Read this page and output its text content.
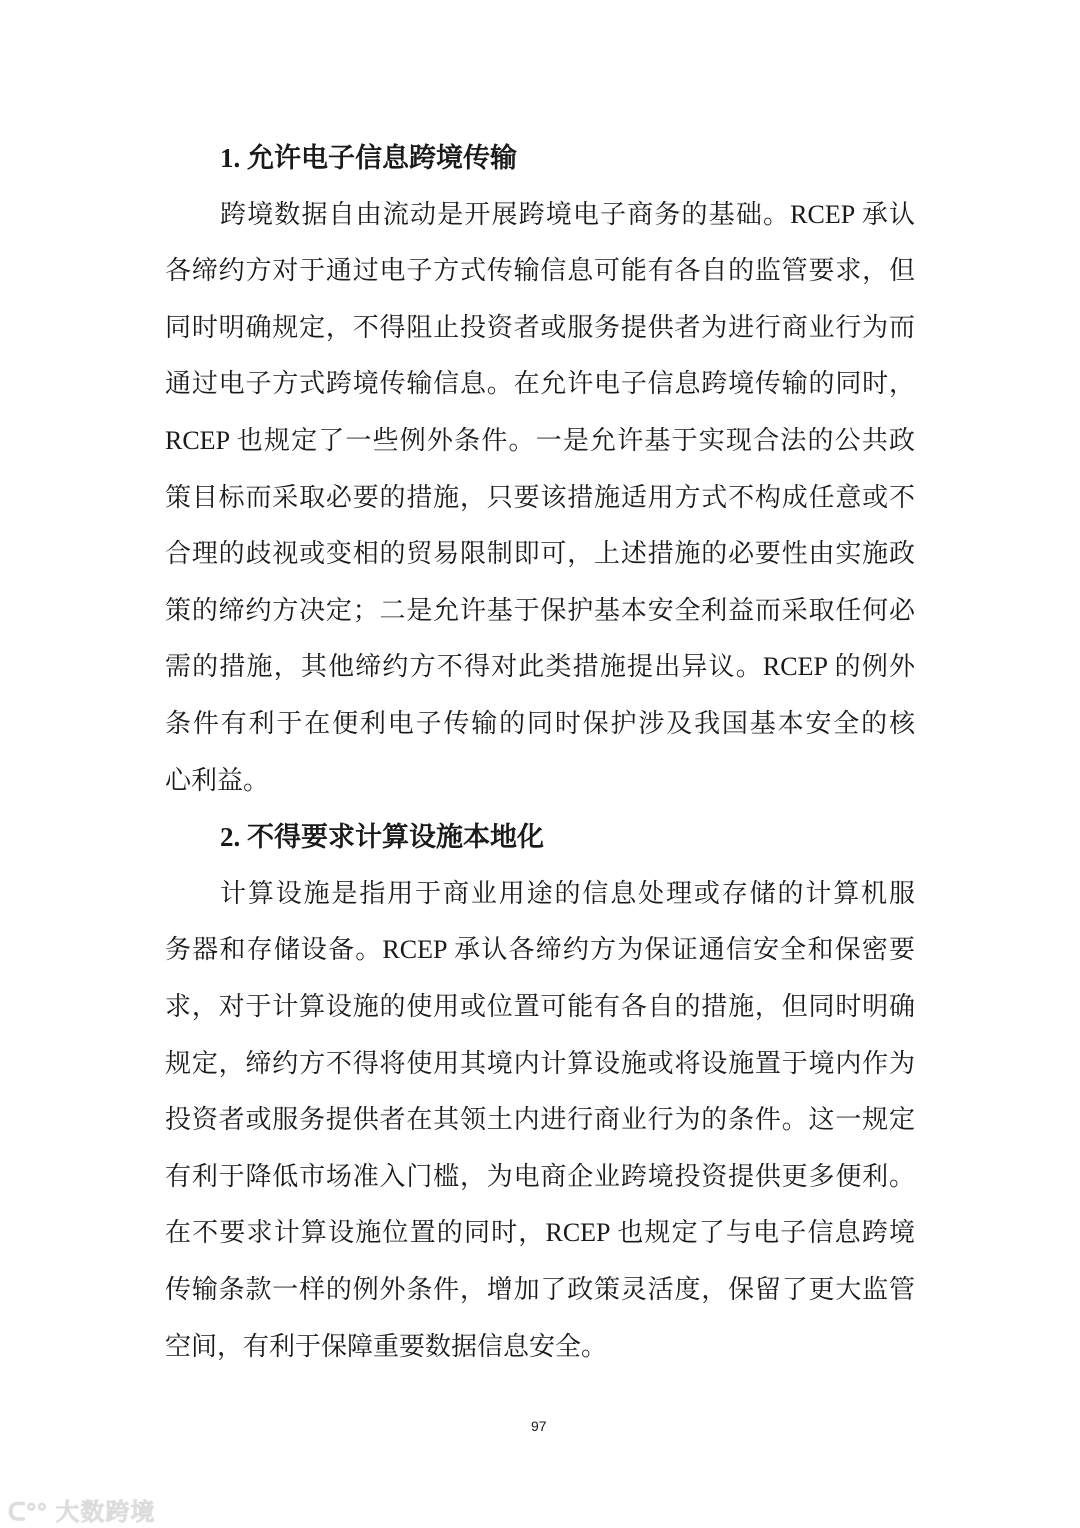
1. 允许电子信息跨境传输
跨境数据自由流动是开展跨境电子商务的基础。RCEP 承认
各缔约方对于通过电子方式传输信息可能有各自的监管要求，但
同时明确规定，不得阻止投资者或服务提供者为进行商业行为而
通过电子方式跨境传输信息。在允许电子信息跨境传输的同时，
RCEP 也规定了一些例外条件。一是允许基于实现合法的公共政
策目标而采取必要的措施，只要该措施适用方式不构成任意或不
合理的歧视或变相的贸易限制即可，上述措施的必要性由实施政
策的缔约方决定；二是允许基于保护基本安全利益而采取任何必
需的措施，其他缔约方不得对此类措施提出异议。RCEP 的例外
条件有利于在便利电子传输的同时保护涉及我国基本安全的核
心利益。
2. 不得要求计算设施本地化
计算设施是指用于商业用途的信息处理或存储的计算机服
务器和存储设备。RCEP 承认各缔约方为保证通信安全和保密要
求，对于计算设施的使用或位置可能有各自的措施，但同时明确
规定，缔约方不得将使用其境内计算设施或将设施置于境内作为
投资者或服务提供者在其领土内进行商业行为的条件。这一规定
有利于降低市场准入门槛，为电商企业跨境投资提供更多便利。
在不要求计算设施位置的同时，RCEP 也规定了与电子信息跨境
传输条款一样的例外条件，增加了政策灵活度，保留了更大监管
空间，有利于保障重要数据信息安全。
97
ᑕ°° 大数跨境
